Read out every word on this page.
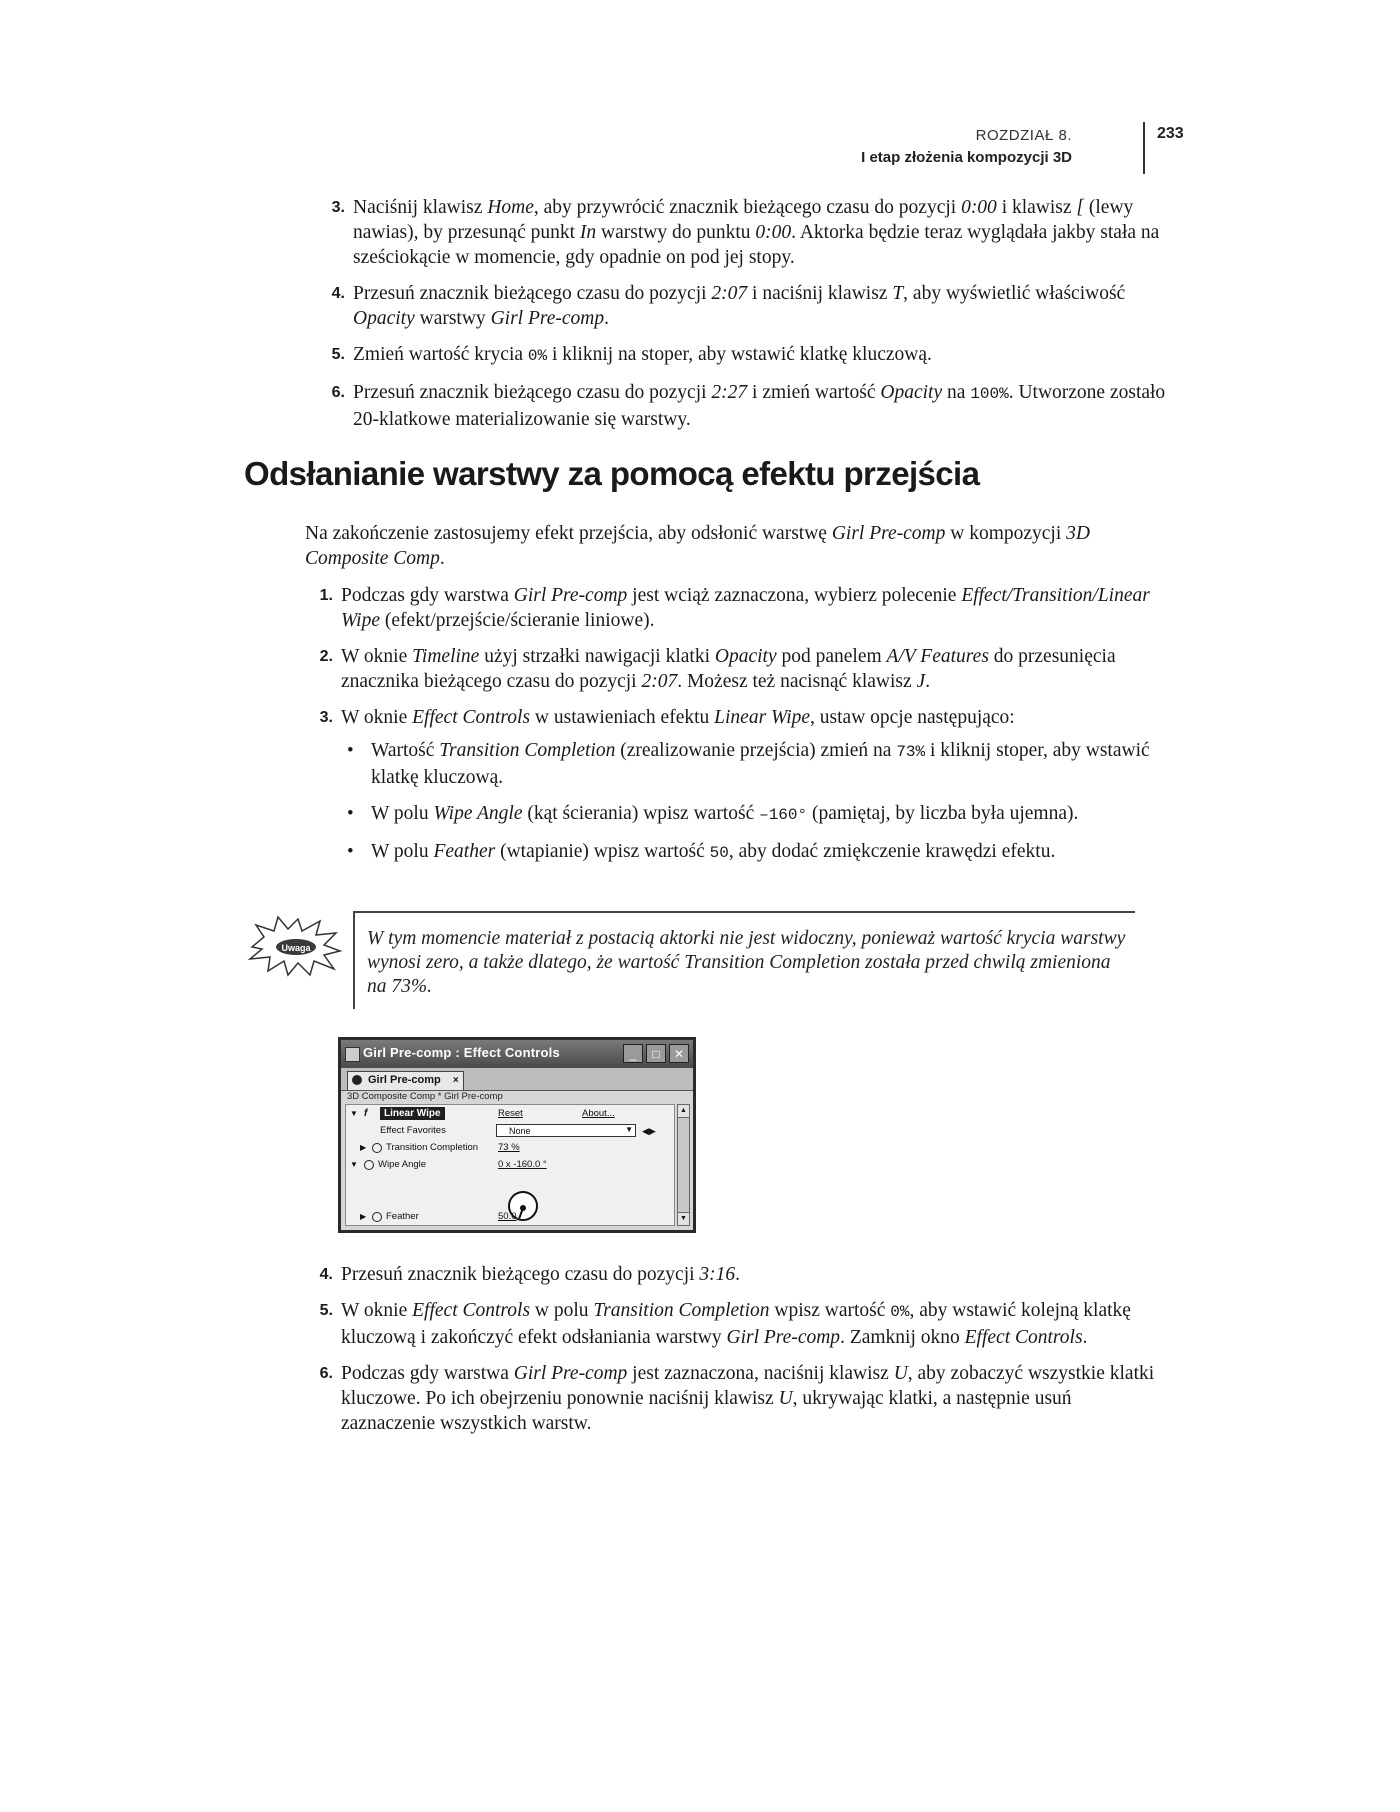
ROZDZIAŁ 8.
I etap złożenia kompozycji 3D
233
3. Naciśnij klawisz Home, aby przywrócić znacznik bieżącego czasu do pozycji 0:00 i klawisz [ (lewy nawias), by przesunąć punkt In warstwy do punktu 0:00. Aktorka będzie teraz wyglądała jakby stała na sześciokącie w momencie, gdy opadnie on pod jej stopy.
4. Przesuń znacznik bieżącego czasu do pozycji 2:07 i naciśnij klawisz T, aby wyświetlić właściwość Opacity warstwy Girl Pre-comp.
5. Zmień wartość krycia 0% i kliknij na stoper, aby wstawić klatkę kluczową.
6. Przesuń znacznik bieżącego czasu do pozycji 2:27 i zmień wartość Opacity na 100%. Utworzone zostało 20-klatkowe materializowanie się warstwy.
Odsłanianie warstwy za pomocą efektu przejścia

Na zakończenie zastosujemy efekt przejścia, aby odsłonić warstwę Girl Pre-comp w kompozycji 3D Composite Comp.

1. Podczas gdy warstwa Girl Pre-comp jest wciąż zaznaczona, wybierz polecenie Effect/Transition/Linear Wipe (efekt/przejście/ścieranie liniowe).
2. W oknie Timeline użyj strzałki nawigacji klatki Opacity pod panelem A/V Features do przesunięcia znacznika bieżącego czasu do pozycji 2:07. Możesz też nacisnąć klawisz J.
3. W oknie Effect Controls w ustawieniach efektu Linear Wipe, ustaw opcje następująco:
• Wartość Transition Completion (zrealizowanie przejścia) zmień na 73% i kliknij stoper, aby wstawić klatkę kluczową.
• W polu Wipe Angle (kąt ścierania) wpisz wartość –160° (pamiętaj, by liczba była ujemna).
• W polu Feather (wtapianie) wpisz wartość 50, aby dodać zmiękczenie krawędzi efektu.
Uwaga	W tym momencie materiał z postacią aktorki nie jest widoczny, ponieważ wartość krycia warstwy wynosi zero, a także dlatego, że wartość Transition Completion została przed chwilą zmieniona na 73%.

Girl Pre-comp : Effect Controls	_	□	✕
Girl Pre-comp ×
3D Composite Comp * Girl Pre-comp
▼ f	Linear Wipe	Reset	About...
Effect Favorites	None	▼ ◀▶
▶ Transition Completion 73 %
▼ Wipe Angle	0 x -160.0 °
▶ Feather	50.0
▲
▼
4. Przesuń znacznik bieżącego czasu do pozycji 3:16.
5. W oknie Effect Controls w polu Transition Completion wpisz wartość 0%, aby wstawić kolejną klatkę kluczową i zakończyć efekt odsłaniania warstwy Girl Pre-comp. Zamknij okno Effect Controls.
6. Podczas gdy warstwa Girl Pre-comp jest zaznaczona, naciśnij klawisz U, aby zobaczyć wszystkie klatki kluczowe. Po ich obejrzeniu ponownie naciśnij klawisz U, ukrywając klatki, a następnie usuń zaznaczenie wszystkich warstw.
